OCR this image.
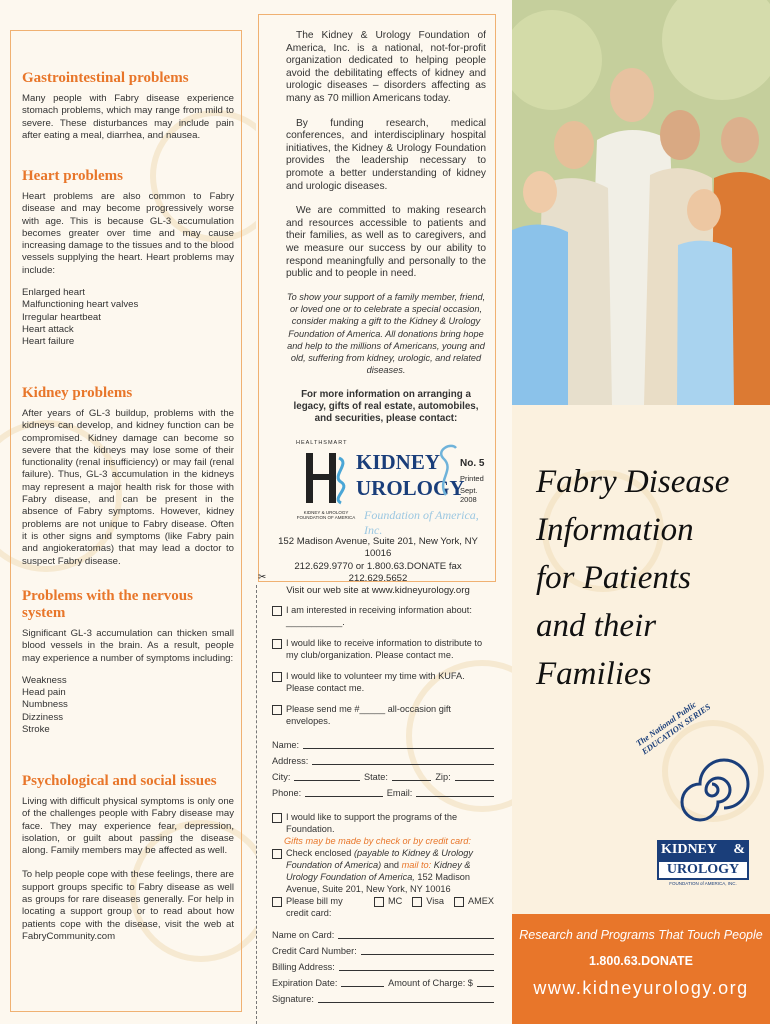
Gastrointestinal problems

Many people with Fabry disease experience stomach problems, which may range from mild to severe. These disturbances may include pain after eating a meal, diarrhea, and nausea.

Heart problems

Heart problems are also common to Fabry disease and may become progressively worse with age. This is because GL-3 accumulation becomes greater over time and may cause increasing damage to the tissues and to the blood vessels supplying the heart. Heart problems may include:

Enlarged heart
Malfunctioning heart valves
Irregular heartbeat
Heart attack
Heart failure
Kidney problems

After years of GL-3 buildup, problems with the kidneys can develop, and kidney function can be compromised. Kidney damage can become so severe that the kidneys may lose some of their functionality (renal insufficiency) or may fail (renal failure). Thus, GL-3 accumulation in the kidneys may represent a major health risk for those with Fabry disease, and can be present in the absence of Fabry symptoms. However, kidney problems are not unique to Fabry disease. Often it is other signs and symptoms (like Fabry pain and angiokeratomas) that may lead a doctor to suspect Fabry disease.

Problems with the nervous system

Significant GL-3 accumulation can thicken small blood vessels in the brain. As a result, people may experience a number of symptoms including:

Weakness
Head pain
Numbness
Dizziness
Stroke
Psychological and social issues

Living with difficult physical symptoms is only one of the challenges people with Fabry disease may face. They may experience fear, depression, isolation, or guilt about passing the disease along. Family members may be affected as well.

To help people cope with these feelings, there are support groups specific to Fabry disease as well as groups for rare diseases generally. For help in locating a support group or to read about how patients cope with the disease, visit the web at FabryCommunity.com

The Kidney & Urology Foundation of America, Inc. is a national, not-for-profit organization dedicated to helping people avoid the debilitating effects of kidney and urologic diseases – disorders affecting as many as 70 million Americans today.

By funding research, medical conferences, and interdisciplinary hospital initiatives, the Kidney & Urology Foundation provides the leadership necessary to promote a better understanding of kidney and urologic diseases.

We are committed to making research and resources accessible to patients and their families, as well as to caregivers, and we measure our success by our ability to respond meaningfully and personally to the public and to people in need.

To show your support of a family member, friend, or loved one or to celebrate a special occasion, consider making a gift to the Kidney & Urology Foundation of America. All donations bring hope and help to the millions of Americans, young and old, suffering from kidney, urologic, and related diseases.

For more information on arranging a legacy, gifts of real estate, automobiles, and securities, please contact:

HEALTHSMART
KIDNEY & UROLOGY FOUNDATION OF AMERICA
KIDNEY
UROLOGY
Foundation of America, Inc.
No. 5
Printed
Sept. 2008
152 Madison Avenue, Suite 201, New York, NY 10016
212.629.9770 or 1.800.63.DONATE fax 212.629.5652
Visit our web site at www.kidneyurology.org
✂
I am interested in receiving information about: ___________.
I would like to receive information to distribute to my club/organization. Please contact me.
I would like to volunteer my time with KUFA. Please contact me.
Please send me #_____ all-occasion gift envelopes.
Name:
Address:
City:	State:	Zip:
Phone:	Email:
I would like to support the programs of the Foundation.
Gifts may be made by check or by credit card:
Check enclosed (payable to Kidney & Urology Foundation of America) and mail to: Kidney & Urology Foundation of America, 152 Madison Avenue, Suite 201, New York, NY 10016
Please bill my credit card:
MC	Visa	AMEX
Name on Card:
Credit Card Number:
Billing Address:
Expiration Date:	Amount of Charge: $
Signature:
Fabry Disease
Information
for Patients
and their
Families
The National Public EDUCATION SERIES
KIDNEY &
UROLOGY
FOUNDATION of AMERICA, INC.
Research and Programs That Touch People
1.800.63.DONATE
www.kidneyurology.org
